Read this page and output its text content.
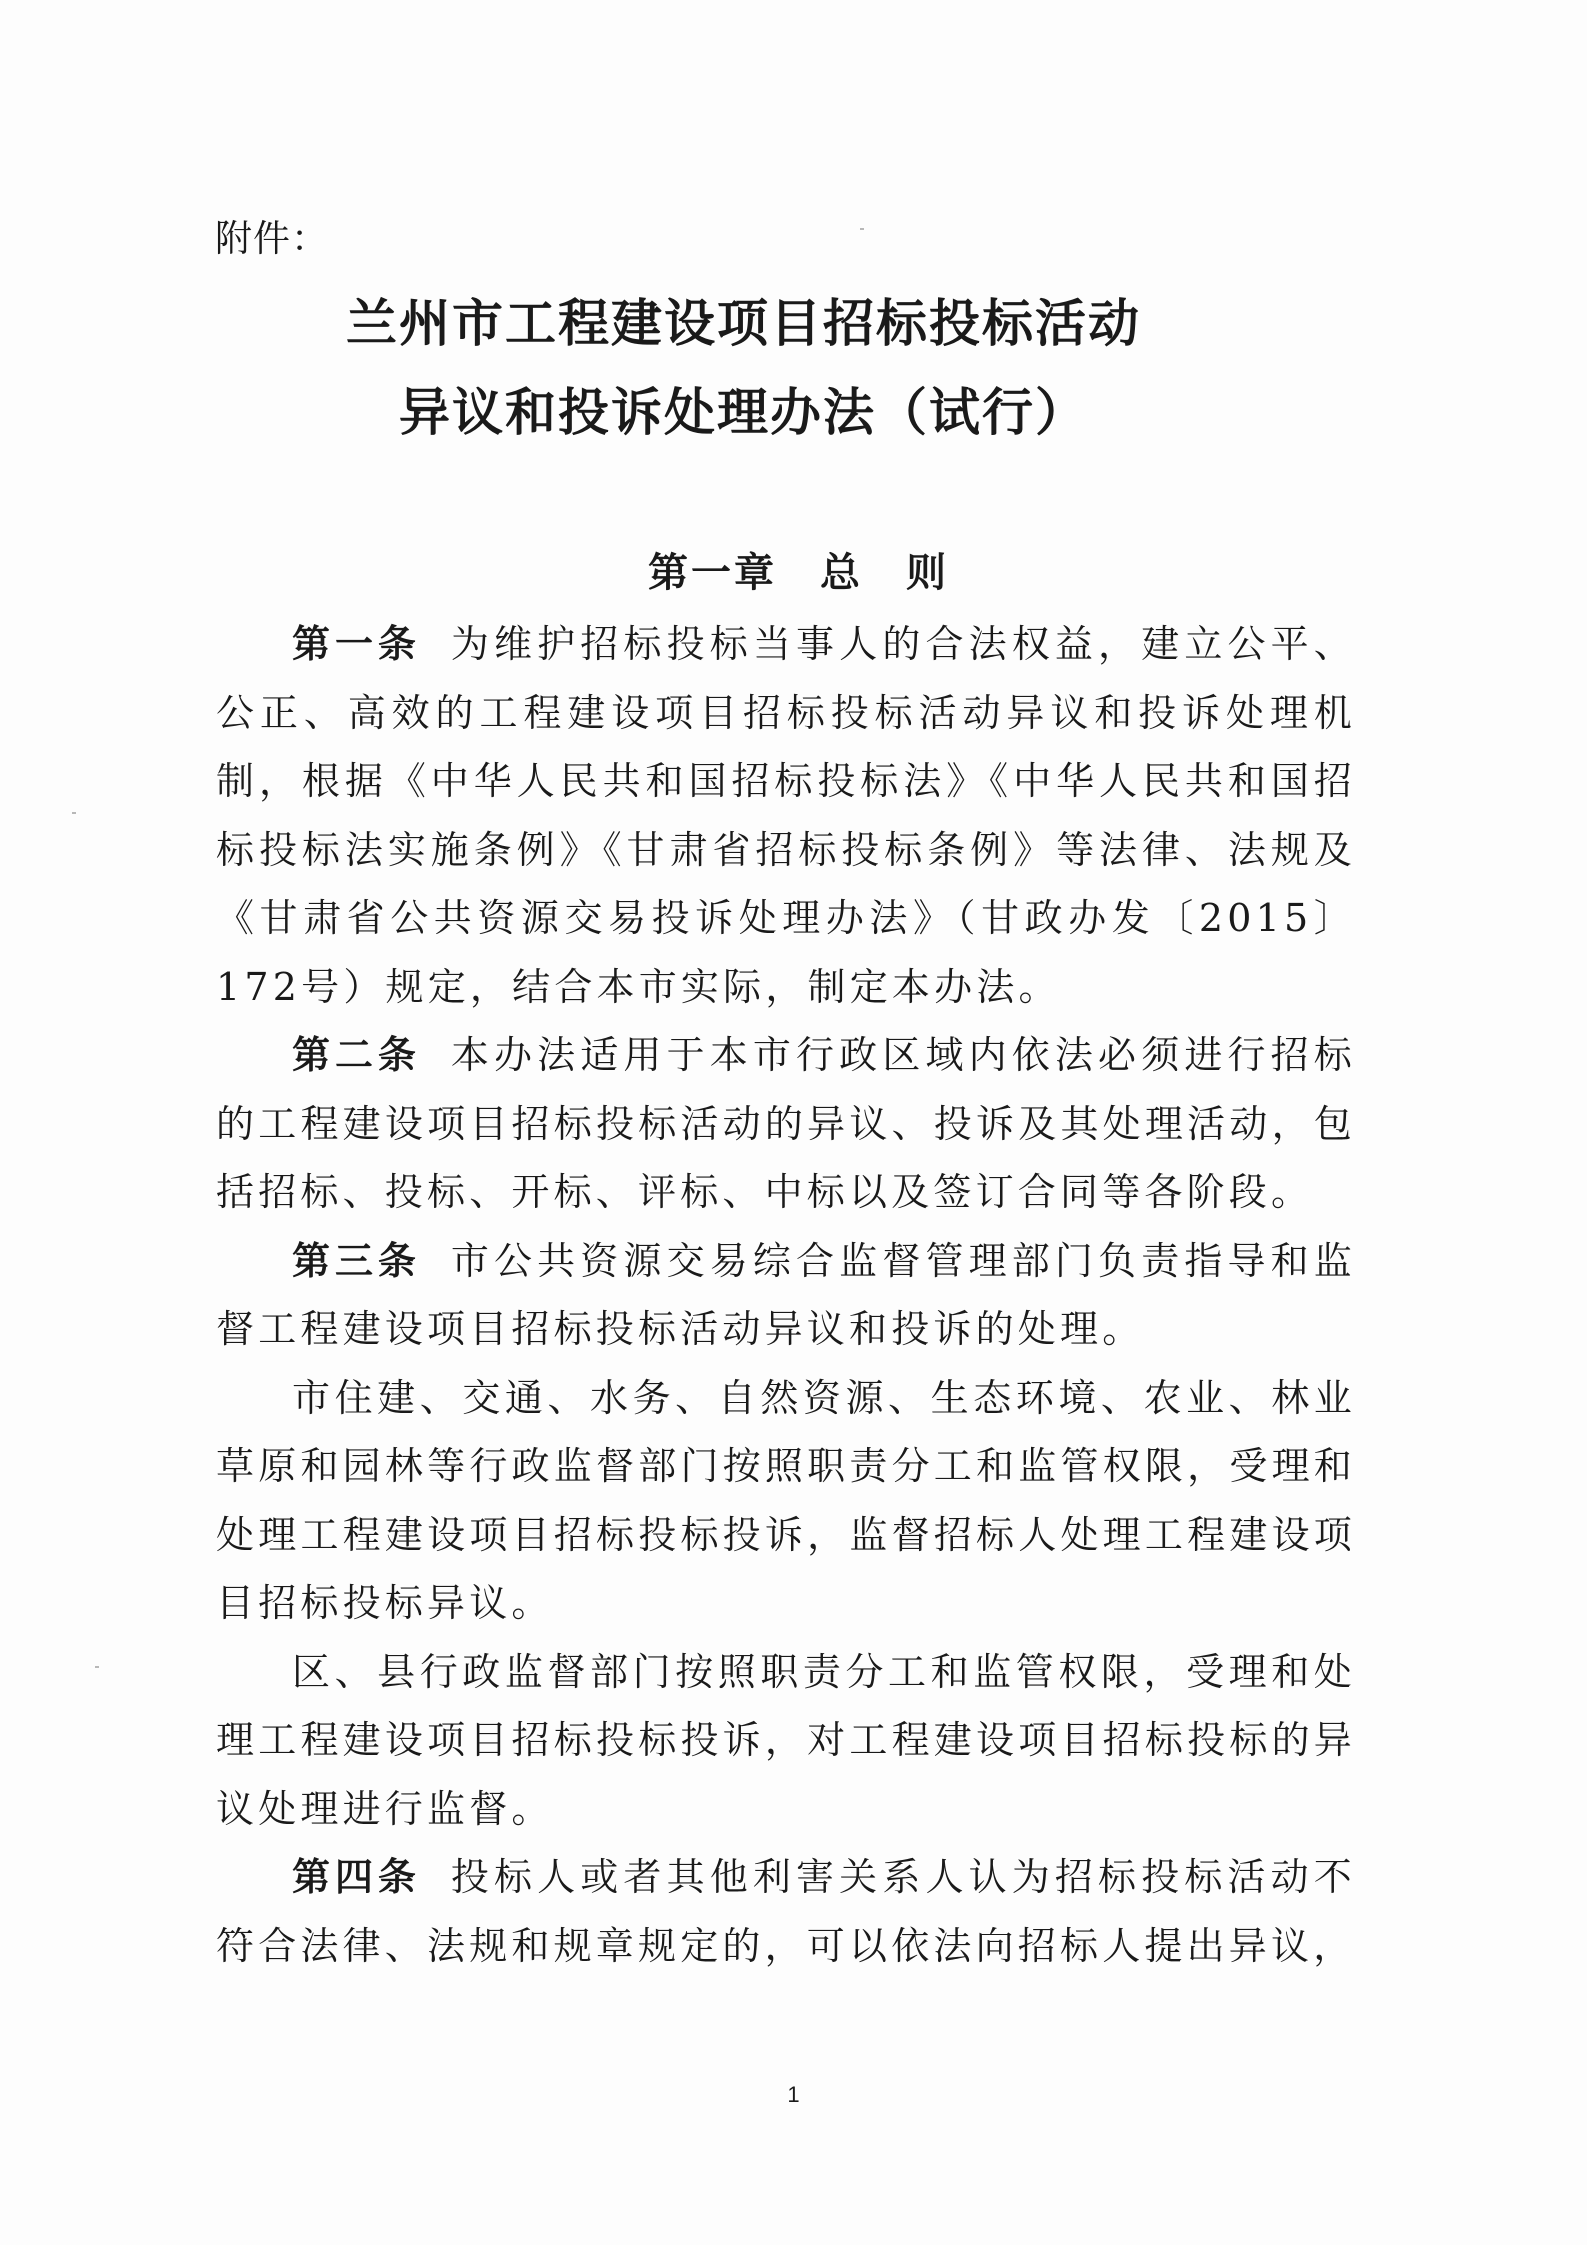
附件：
兰州市工程建设项目招标投标活动
异议和投诉处理办法（试行）
第一章　总　则

第一条 为维护招标投标当事人的合法权益，建立公平、公正、高效的工程建设项目招标投标活动异议和投诉处理机制，根据《中华人民共和国招标投标法》《中华人民共和国招标投标法实施条例》《甘肃省招标投标条例》等法律、法规及《甘肃省公共资源交易投诉处理办法》（甘政办发〔2015〕172号）规定，结合本市实际，制定本办法。

第二条 本办法适用于本市行政区域内依法必须进行招标的工程建设项目招标投标活动的异议、投诉及其处理活动，包括招标、投标、开标、评标、中标以及签订合同等各阶段。

第三条 市公共资源交易综合监督管理部门负责指导和监督工程建设项目招标投标活动异议和投诉的处理。

市住建、交通、水务、自然资源、生态环境、农业、林业草原和园林等行政监督部门按照职责分工和监管权限，受理和处理工程建设项目招标投标投诉，监督招标人处理工程建设项目招标投标异议。

区、县行政监督部门按照职责分工和监管权限，受理和处理工程建设项目招标投标投诉，对工程建设项目招标投标的异议处理进行监督。

第四条 投标人或者其他利害关系人认为招标投标活动不符合法律、法规和规章规定的，可以依法向招标人提出异议，

1
